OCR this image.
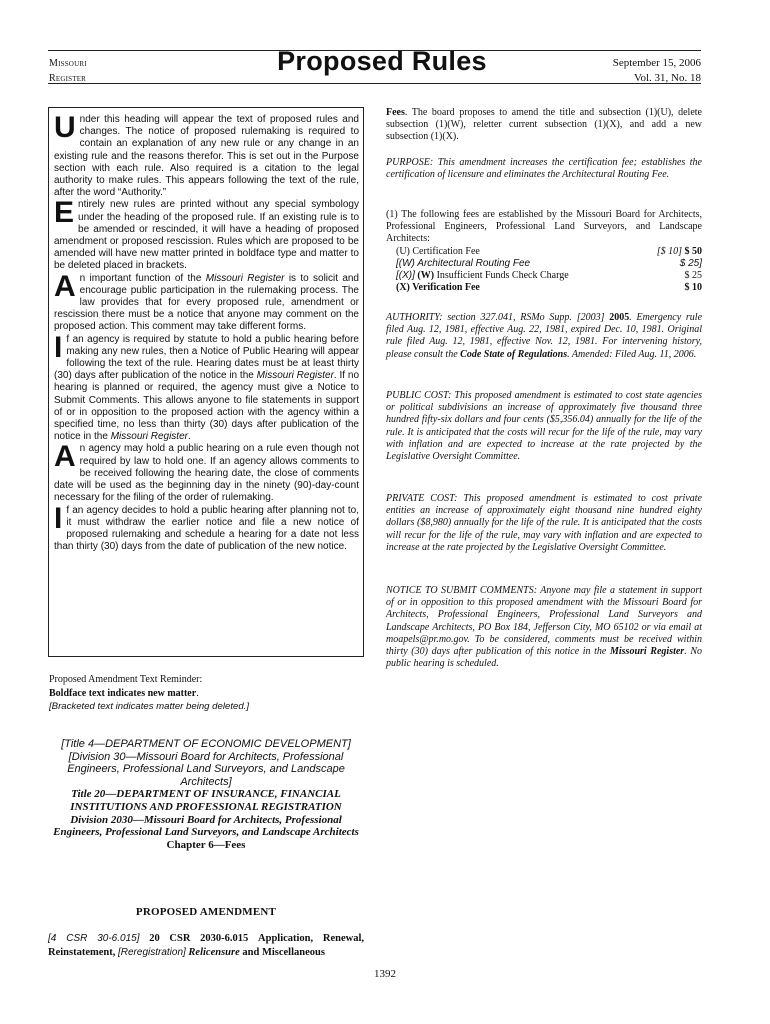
Missouri
Register
Proposed Rules	September 15, 2006
Vol. 31, No. 18

Under this heading will appear the text of proposed rules and changes. The notice of proposed rulemaking is required to contain an explanation of any new rule or any change in an existing rule and the reasons therefor. This is set out in the Purpose section with each rule. Also required is a citation to the legal authority to make rules. This appears following the text of the rule, after the word “Authority.”

Entirely new rules are printed without any special symbology under the heading of the proposed rule. If an existing rule is to be amended or rescinded, it will have a heading of proposed amendment or proposed rescission. Rules which are proposed to be amended will have new matter printed in boldface type and matter to be deleted placed in brackets.

An important function of the Missouri Register is to solicit and encourage public participation in the rulemaking process. The law provides that for every proposed rule, amendment or rescission there must be a notice that anyone may comment on the proposed action. This comment may take different forms.

If an agency is required by statute to hold a public hearing before making any new rules, then a Notice of Public Hearing will appear following the text of the rule. Hearing dates must be at least thirty (30) days after publication of the notice in the Missouri Register. If no hearing is planned or required, the agency must give a Notice to Submit Comments. This allows anyone to file statements in support of or in opposition to the proposed action with the agency within a specified time, no less than thirty (30) days after publication of the notice in the Missouri Register.

An agency may hold a public hearing on a rule even though not required by law to hold one. If an agency allows comments to be received following the hearing date, the close of comments date will be used as the beginning day in the ninety (90)-day-count necessary for the filing of the order of rulemaking.

If an agency decides to hold a public hearing after planning not to, it must withdraw the earlier notice and file a new notice of proposed rulemaking and schedule a hearing for a date not less than thirty (30) days from the date of publication of the new notice.

Proposed Amendment Text Reminder:
Boldface text indicates new matter.
[Bracketed text indicates matter being deleted.]
[Title 4—DEPARTMENT OF ECONOMIC DEVELOPMENT]
[Division 30—Missouri Board for Architects, Professional Engineers, Professional Land Surveyors, and Landscape Architects]
Title 20—DEPARTMENT OF INSURANCE, FINANCIAL INSTITUTIONS AND PROFESSIONAL REGISTRATION
Division 2030—Missouri Board for Architects, Professional Engineers, Professional Land Surveyors, and Landscape Architects
Chapter 6—Fees
PROPOSED AMENDMENT
[4 CSR 30-6.015] 20 CSR 2030-6.015 Application, Renewal, Reinstatement, [Reregistration] Relicensure and Miscellaneous

Fees. The board proposes to amend the title and subsection (1)(U), delete subsection (1)(W), reletter current subsection (1)(X), and add a new subsection (1)(X).

PURPOSE: This amendment increases the certification fee; establishes the certification of licensure and eliminates the Architectural Routing Fee.

(1) The following fees are established by the Missouri Board for Architects, Professional Engineers, Professional Land Surveyors, and Landscape Architects:

(U) Certification Fee	[$ 10] $ 50
[(W) Architectural Routing Fee	$ 25]
[(X)] (W) Insufficient Funds Check Charge	$ 25
(X) Verification Fee	$ 10
AUTHORITY: section 327.041, RSMo Supp. [2003] 2005. Emergency rule filed Aug. 12, 1981, effective Aug. 22, 1981, expired Dec. 10, 1981. Original rule filed Aug. 12, 1981, effective Nov. 12, 1981. For intervening history, please consult the Code State of Regulations. Amended: Filed Aug. 11, 2006.
PUBLIC COST: This proposed amendment is estimated to cost state agencies or political subdivisions an increase of approximately five thousand three hundred fifty-six dollars and four cents ($5,356.04) annually for the life of the rule. It is anticipated that the costs will recur for the life of the rule, may vary with inflation and are expected to increase at the rate projected by the Legislative Oversight Committee.
PRIVATE COST: This proposed amendment is estimated to cost private entities an increase of approximately eight thousand nine hundred eighty dollars ($8,980) annually for the life of the rule. It is anticipated that the costs will recur for the life of the rule, may vary with inflation and are expected to increase at the rate projected by the Legislative Oversight Committee.
NOTICE TO SUBMIT COMMENTS: Anyone may file a statement in support of or in opposition to this proposed amendment with the Missouri Board for Architects, Professional Engineers, Professional Land Surveyors and Landscape Architects, PO Box 184, Jefferson City, MO 65102 or via email at moapels@pr.mo.gov. To be considered, comments must be received within thirty (30) days after publication of this notice in the Missouri Register. No public hearing is scheduled.
1392
